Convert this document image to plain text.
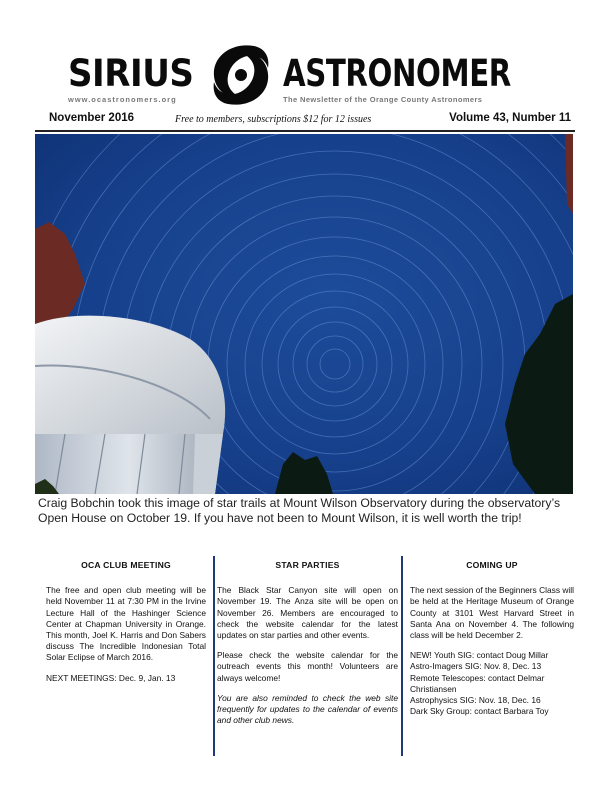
SIRIUS ASTRONOMER
www.ocastronomers.org	The Newsletter of the Orange County Astronomers
November 2016	Free to members, subscriptions $12 for 12 issues	Volume 43, Number 11
Craig Bobchin took this image of star trails at Mount Wilson Observatory during the observatory’s Open House on October 19. If you have not been to Mount Wilson, it is well worth the trip!
OCA CLUB MEETING

The free and open club meeting will be held November 11 at 7:30 PM in the Irvine Lecture Hall of the Hashinger Science Center at Chapman University in Orange. This month, Joel K. Harris and Don Sabers discuss The Incredible Indonesian Total Solar Eclipse of March 2016.

NEXT MEETINGS: Dec. 9, Jan. 13

STAR PARTIES

The Black Star Canyon site will open on November 19. The Anza site will be open on November 26. Members are encouraged to check the website calendar for the latest updates on star parties and other events.

Please check the website calendar for the outreach events this month! Volunteers are always welcome!

You are also reminded to check the web site frequently for updates to the calendar of events and other club news.

COMING UP

The next session of the Beginners Class will be held at the Heritage Museum of Orange County at 3101 West Harvard Street in Santa Ana on November 4. The following class will be held December 2.

NEW! Youth SIG: contact Doug Millar

Astro-Imagers SIG: Nov. 8, Dec. 13

Remote Telescopes: contact Delmar Christiansen

Astrophysics SIG: Nov. 18, Dec. 16

Dark Sky Group: contact Barbara Toy
